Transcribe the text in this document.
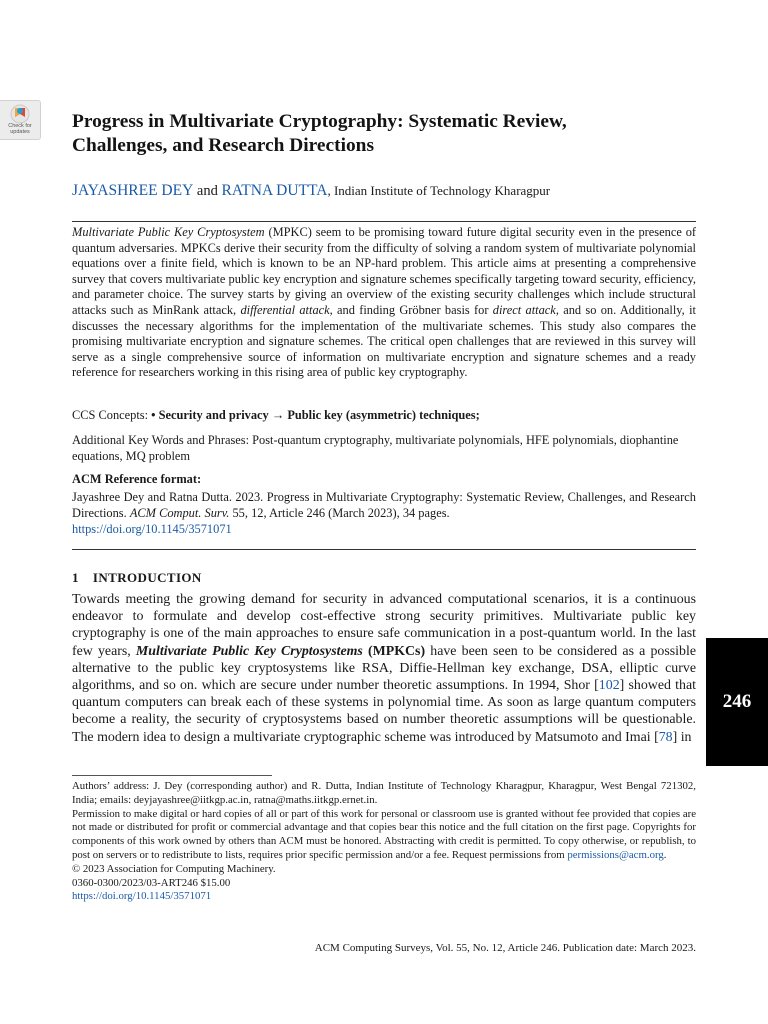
Check for
updates	Progress in Multivariate Cryptography: Systematic Review,
Challenges, and Research Directions
JAYASHREE DEY and RATNA DUTTA, Indian Institute of Technology Kharagpur
Multivariate Public Key Cryptosystem (MPKC) seem to be promising toward future digital security even in the presence of quantum adversaries. MPKCs derive their security from the difficulty of solving a random system of multivariate polynomial equations over a finite field, which is known to be an NP-hard problem. This article aims at presenting a comprehensive survey that covers multivariate public key encryption and signature schemes specifically targeting toward security, efficiency, and parameter choice. The survey starts by giving an overview of the existing security challenges which include structural attacks such as MinRank attack, differential attack, and finding Gröbner basis for direct attack, and so on. Additionally, it discusses the necessary algorithms for the implementation of the multivariate schemes. This study also compares the promising multivariate encryption and signature schemes. The critical open challenges that are reviewed in this survey will serve as a single comprehensive source of information on multivariate encryption and signature schemes and a ready reference for researchers working in this rising area of public key cryptography.
CCS Concepts: • Security and privacy → Public key (asymmetric) techniques;
Additional Key Words and Phrases: Post-quantum cryptography, multivariate polynomials, HFE polynomials, diophantine equations, MQ problem
ACM Reference format:
Jayashree Dey and Ratna Dutta. 2023. Progress in Multivariate Cryptography: Systematic Review, Challenges, and Research Directions. ACM Comput. Surv. 55, 12, Article 246 (March 2023), 34 pages.
https://doi.org/10.1145/3571071
1 INTRODUCTION
Towards meeting the growing demand for security in advanced computational scenarios, it is a continuous endeavor to formulate and develop cost-effective strong security primitives. Multivariate public key cryptography is one of the main approaches to ensure safe communication in a post-quantum world. In the last few years, Multivariate Public Key Cryptosystems (MPKCs) have been seen to be considered as a possible alternative to the public key cryptosystems like RSA, Diffie-Hellman key exchange, DSA, elliptic curve algorithms, and so on. which are secure under number theoretic assumptions. In 1994, Shor [102] showed that quantum computers can break each of these systems in polynomial time. As soon as large quantum computers become a reality, the security of cryptosystems based on number theoretic assumptions will be questionable. The modern idea to design a multivariate cryptographic scheme was introduced by Matsumoto and Imai [78] in
246
Authors’ address: J. Dey (corresponding author) and R. Dutta, Indian Institute of Technology Kharagpur, Kharagpur, West Bengal 721302, India; emails: deyjayashree@iitkgp.ac.in, ratna@maths.iitkgp.ernet.in.
Permission to make digital or hard copies of all or part of this work for personal or classroom use is granted without fee provided that copies are not made or distributed for profit or commercial advantage and that copies bear this notice and the full citation on the first page. Copyrights for components of this work owned by others than ACM must be honored. Abstracting with credit is permitted. To copy otherwise, or republish, to post on servers or to redistribute to lists, requires prior specific permission and/or a fee. Request permissions from permissions@acm.org.
© 2023 Association for Computing Machinery.
0360-0300/2023/03-ART246 $15.00
https://doi.org/10.1145/3571071
ACM Computing Surveys, Vol. 55, No. 12, Article 246. Publication date: March 2023.
